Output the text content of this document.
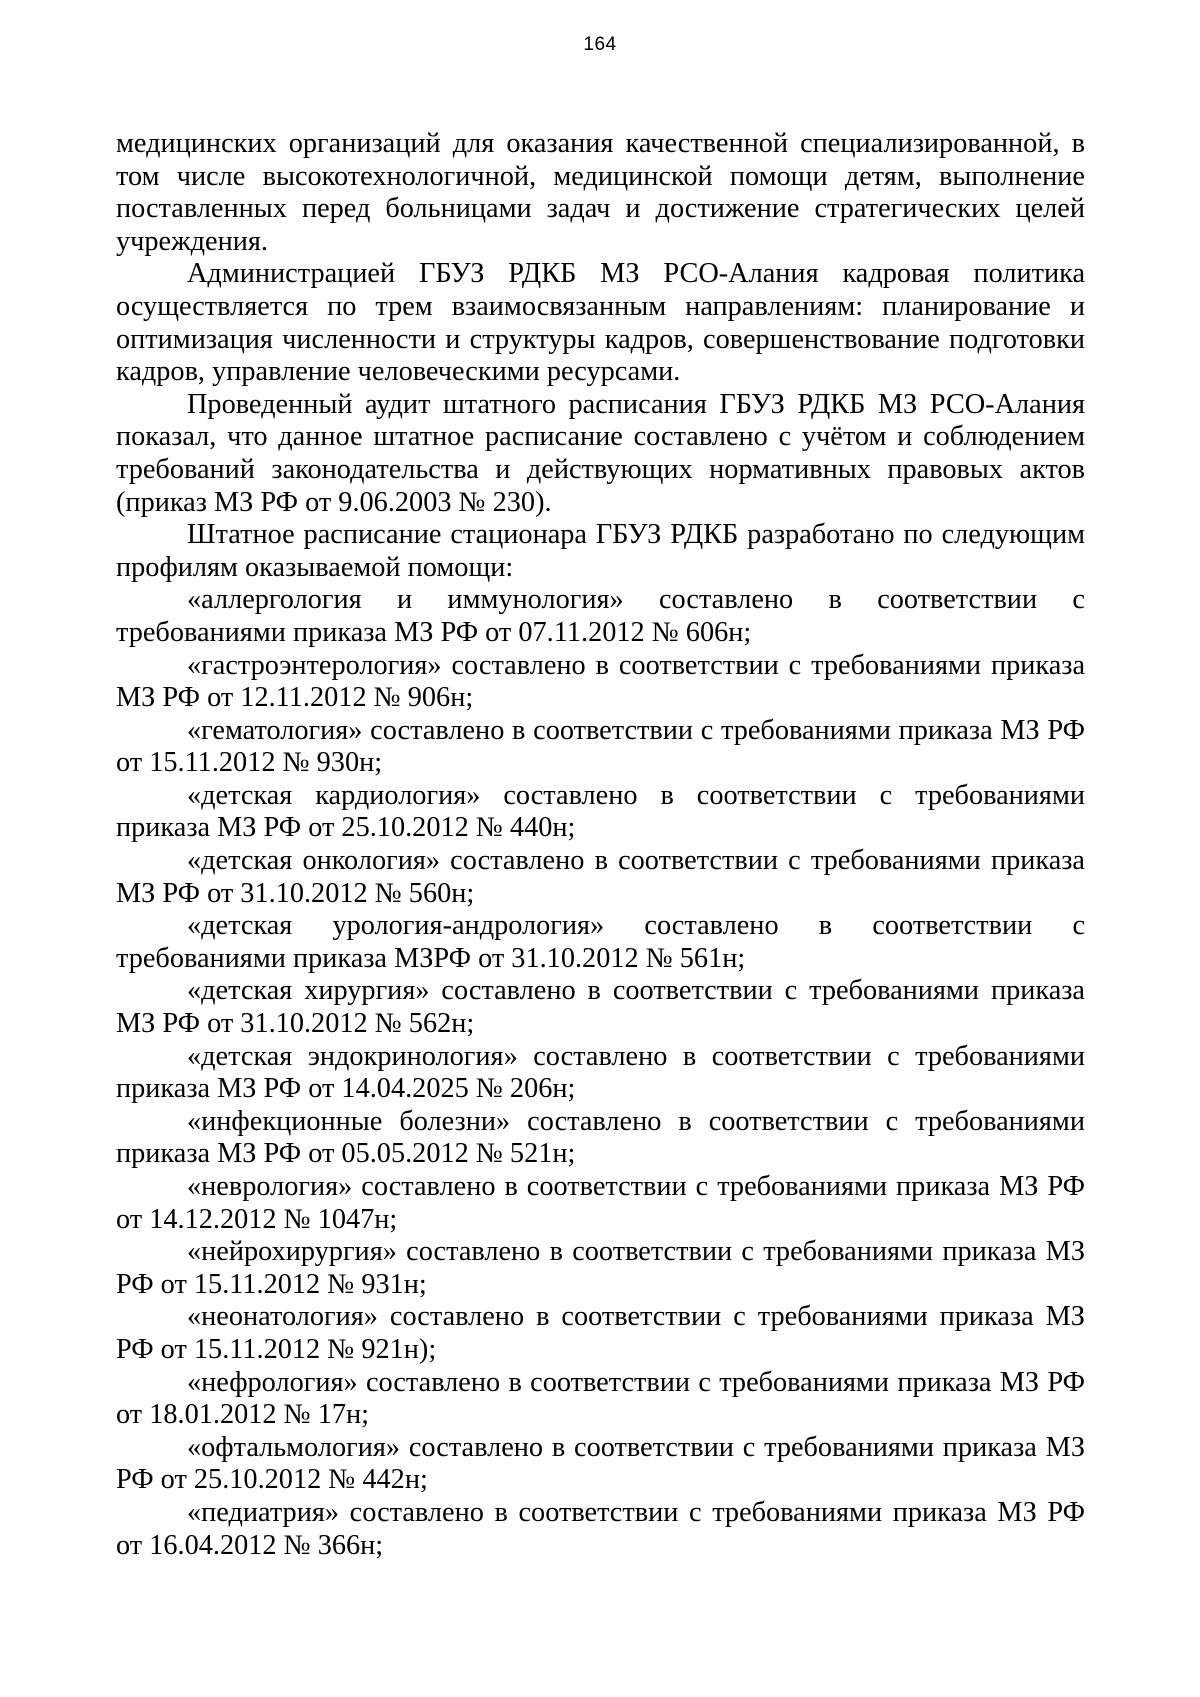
164

медицинских организаций для оказания качественной специализированной, в том числе высокотехнологичной, медицинской помощи детям, выполнение поставленных перед больницами задач и достижение стратегических целей учреждения.

Администрацией ГБУЗ РДКБ МЗ РСО-Алания кадровая политика осуществляется по трем взаимосвязанным направлениям: планирование и оптимизация численности и структуры кадров, совершенствование подготовки кадров, управление человеческими ресурсами.

Проведенный аудит штатного расписания ГБУЗ РДКБ МЗ РСО-Алания показал, что данное штатное расписание составлено с учётом и соблюдением требований законодательства и действующих нормативных правовых актов (приказ МЗ РФ от 9.06.2003 № 230).

Штатное расписание стационара ГБУЗ РДКБ разработано по следующим профилям оказываемой помощи:

«аллергология и иммунология» составлено в соответствии с требованиями приказа МЗ РФ от 07.11.2012 № 606н;

«гастроэнтерология» составлено в соответствии с требованиями приказа МЗ РФ от 12.11.2012 № 906н;

«гематология» составлено в соответствии с требованиями приказа МЗ РФ от 15.11.2012 № 930н;

«детская кардиология» составлено в соответствии с требованиями приказа МЗ РФ от 25.10.2012 № 440н;

«детская онкология» составлено в соответствии с требованиями приказа МЗ РФ от 31.10.2012 № 560н;

«детская урология-андрология» составлено в соответствии с требованиями приказа МЗРФ от 31.10.2012 № 561н;

«детская хирургия» составлено в соответствии с требованиями приказа МЗ РФ от 31.10.2012 № 562н;

«детская эндокринология» составлено в соответствии с требованиями приказа МЗ РФ от 14.04.2025 № 206н;

«инфекционные болезни» составлено в соответствии с требованиями приказа МЗ РФ от 05.05.2012 № 521н;

«неврология» составлено в соответствии с требованиями приказа МЗ РФ от 14.12.2012 № 1047н;

«нейрохирургия» составлено в соответствии с требованиями приказа МЗ РФ от 15.11.2012 № 931н;

«неонатология» составлено в соответствии с требованиями приказа МЗ РФ от 15.11.2012 № 921н);

«нефрология» составлено в соответствии с требованиями приказа МЗ РФ от 18.01.2012 № 17н;

«офтальмология» составлено в соответствии с требованиями приказа МЗ РФ от 25.10.2012 № 442н;

«педиатрия» составлено в соответствии с требованиями приказа МЗ РФ от 16.04.2012 № 366н;
